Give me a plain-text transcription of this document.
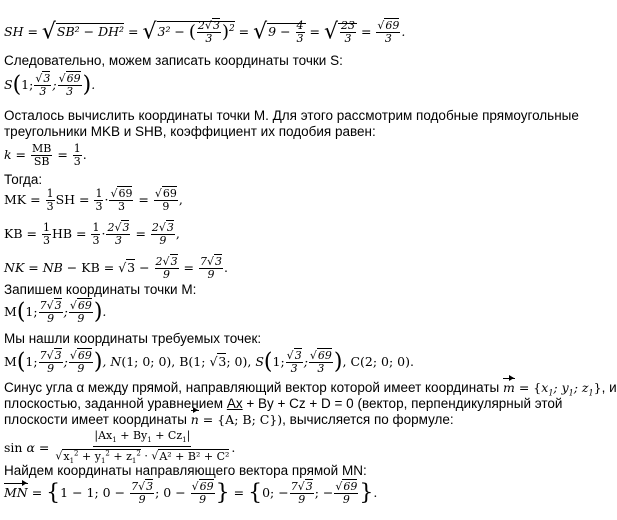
SH = √SB² − DH² = √3² − ( $\frac{2√3}{3} )^2 = √9 - \frac{4}{3}$ = √ $\frac{23}{3} = \frac{√69}{3}$ .
Следовательно, можем записать координаты точки S:
S(1; $\frac{√3}{3}$ ; $\frac{√69}{3}$ ).
Осталось вычислить координаты точки M. Для этого рассмотрим подобные прямоугольные
треугольники MKB и SHB, коэффициент их подобия равен:
$k = \frac{MB}{SB} = \frac{1}{3}$ .
Тогда:
MK = $\frac{1}{3}$ SH = $\frac{1}{3} \cdot \frac{√69}{3} = \frac{√69}{9}$ ,
KB = $\frac{1}{3}$ HB = $\frac{1}{3} \cdot \frac{2√3}{3} = \frac{2√3}{9}$ ,
NK = NB − KB = $√3 - \frac{2√3}{9} = \frac{7√3}{9}$ .
Запишем координаты точки M:
M(1; $\frac{7√3}{9}$ ; $\frac{√69}{9}$ ).
Мы нашли координаты требуемых точек:
M(1; $\frac{7√3}{9}$ ; $\frac{√69}{9}$ ), N(1; 0; 0), B(1; √3; 0), S(1; $\frac{√3}{3}$ ; $\frac{√69}{3}$ ), C(2; 0; 0).
Синус угла α между прямой, направляющий вектор которой имеет координаты $m = \{x_1$; $y_1$; $z_1$}
, и
плоскостью, заданной уравнением Ax + By + Cz + D = 0 (вектор, перпендикулярный этой
плоскости имеет координаты n = {A; B; C})
, вычисляется по формуле:
$\sin \alpha = \frac{|Ax_1 + By_1 + Cz_1|}{√x_1^2 + y_1^2 + z_1^2 \cdot √A^2 + B^2 + C^2}$ .
Найдем координаты направляющего вектора прямой MN:
MN = {1 − 1; $0 - \frac{7√3}{9}$ ; $0 - \frac{√69}{9}$ } = {0; − $\frac{7√3}{9}$ ; − $\frac{√69}{9}$ }.
